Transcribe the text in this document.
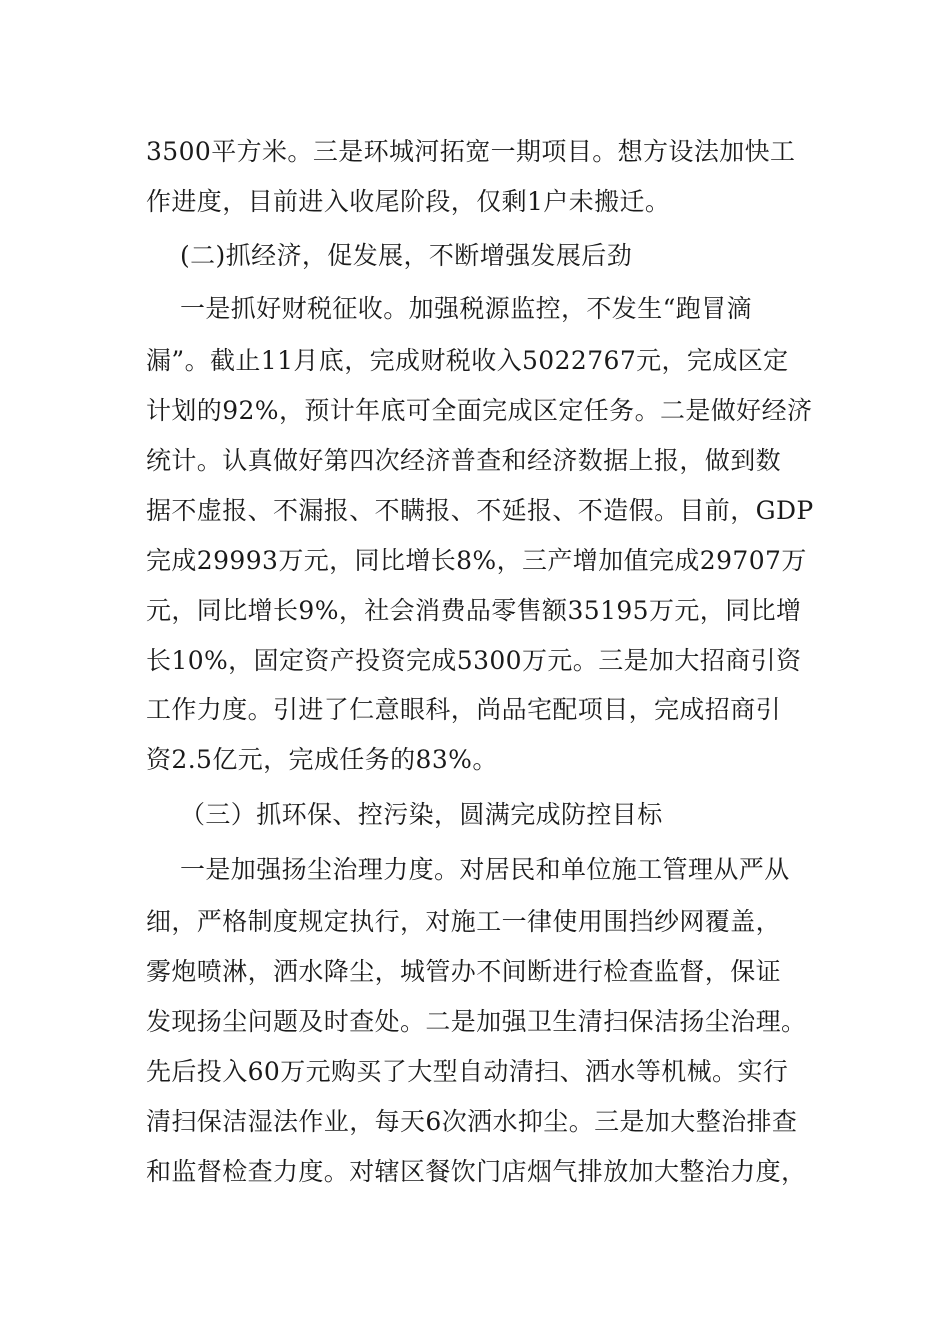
3500平方米。三是环城河拓宽一期项目。想方设法加快工
作进度，目前进入收尾阶段，仅剩1户未搬迁。
(二)抓经济，促发展，不断增强发展后劲
一是抓好财税征收。加强税源监控，不发生“跑冒滴
漏”。截止11月底，完成财税收入5022767元，完成区定
计划的92%，预计年底可全面完成区定任务。二是做好经济
统计。认真做好第四次经济普查和经济数据上报，做到数
据不虚报、不漏报、不瞒报、不延报、不造假。目前，GDP
完成29993万元，同比增长8%，三产增加值完成29707万
元，同比增长9%，社会消费品零售额35195万元，同比增
长10%，固定资产投资完成5300万元。三是加大招商引资
工作力度。引进了仁意眼科，尚品宅配项目，完成招商引
资2.5亿元，完成任务的83%。
（三）抓环保、控污染，圆满完成防控目标
一是加强扬尘治理力度。对居民和单位施工管理从严从
细，严格制度规定执行，对施工一律使用围挡纱网覆盖，
雾炮喷淋，洒水降尘，城管办不间断进行检查监督，保证
发现扬尘问题及时查处。二是加强卫生清扫保洁扬尘治理。
先后投入60万元购买了大型自动清扫、洒水等机械。实行
清扫保洁湿法作业，每天6次洒水抑尘。三是加大整治排查
和监督检查力度。对辖区餐饮门店烟气排放加大整治力度，
